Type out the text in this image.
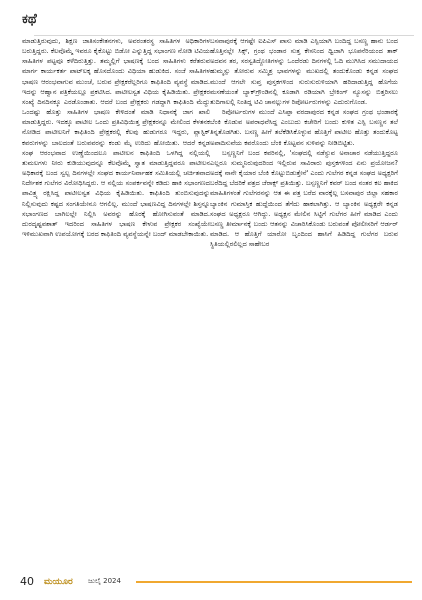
ಕಥೆ

ಮಾಡುತ್ತಿರುವುದು, ಶಿಕ್ಷಣ ಜಾತಿಸಂಕೇತನಗಳು, ಅವರಂತರಸ್ಥ ಸಾಹಿತಿಗಳ ಅಧಿಕಾರಿಗಳ ಬರುತ್ತಿದ್ದರು. ಕೆಲವೊಮ್ಮೆ ಇವರೂ ಕೈಕೊಟ್ಟು ಬಿಡೋ ಎನ್ನುತ್ತಿದ್ದ ಸಭಾಂಗಣ ನೋಡಿ ಟಿವಿಯ ಸಾಹಿತಿಗಳ ಪಟ್ಟವೂ ಕಳೆದಿರುತ್ತಿತ್ತು. ತಮ್ಮಲ್ಲಿಗೆ ಭಾಷಣಕ್ಕೆ ಬಂದ ಸಾಹಿತಿಗಳು ಕರೆತರುವ ಮಾರ್ಗ ಕಾರ್ಯಕರ್ತ ಪಾಟ್‌ಲಕ್ಕ ಹೊಸದೊಂದು ವಿಧಿಯಾ ಹುಡುಕಿದ. ಸಂಜೆ ಸಾಹಿತಿಗಳ ಭಾಷಣ ಆರಂಭವಾಗುವ ಮುಂಚೆ, ಬರುವ ಪ್ರೇಕ್ಷಕರೆಲ್ಲರಿಗೂ ಕಾಫಿತಿಂದಿ ವ್ಯವಸ್ಥೆ ಮಾಡಿದ. ಇದನ್ನು ಆಹ್ವಾನ ಪತ್ರಿಕೆಯಲ್ಲೂ ಪ್ರಕಟಿಸಿದ. ಪಾಟೀಲಸ್ವತ ವಿಧಿಯ ಕೈಹಿಡಿಯಿತು. ಪ್ರೇಕ್ಷಕರ ಸಂಖ್ಯೆ ದಿನದಿನಕ್ಕೂ ಎರಡೊಂಡಾತು. ಆದರೆ ಬಂದ ಪ್ರೇಕ್ಷಕರು ಗಡದ್ದಾಗಿ ಕಾಫಿತಿಂದಿ ಮೆದ್ದು ಒಂದಷ್ಟು ಹೊತ್ತು ಸಾಹಿತಿಗಳ ಭಾಷಣ ಕೇಳಿದಂತೆ ಮಾಡಿ ನಿಧಾನಕ್ಕೆ ಜಾಗ ಖಾಲಿ ಮಾಡುತ್ತಿದ್ದರು. ಇದಕ್ಕೂ ಪಾಟೀಲ ಒಂದು ಪ್ರತಿವಿಧಿಯಿತ್ತ ಪ್ರೇಕ್ಷಕರನ್ನೂ ಮೇಲಿಂದ ಕೆಳತನಕ ನೋಡಿದ ಪಾಟೀಲನಿಗೆ ಕಾಫಿತಿಂದಿ ಪ್ರೇಕ್ಷಕರಲ್ಲಿ ಕೆಲವು ಹುಡುಗರೂ ಇದ್ದರು, ಪ್ಲಾಸ್ಟಿಕ್ ಕವರುಗಳನ್ನು ಬಾಲದಂತೆ ಬರುವವರನ್ನು ಕಂಡು ಮೈ ಉರಿದು ಹೋಯಿತು. ಆದರೆ ಕನ್ನಡ ಸಂಘ ಆರಂಭವಾದ ಉಣ್ಣೆಯಿಂದಲೂ ಪಾಟೀಲನ ಕಾಫಿತಿಂದಿ ಒಳಗಿದ್ದ ನಲ್ಲಿಯಲ್ಲಿ ತುಮಲಗಳು ನೀರು ಕುಡಿಯುವುದನ್ನೂ ಕೆಲವೊಮ್ಮೆ ಸ್ವಾತ ಮಾಡುತ್ತಿದ್ದವರೂ ಪಾಟೀಲನ ಅಧಿಕಾರಕ್ಕೆ ಬಂದ ಸ್ವಲ್ಪ ದಿನಗಳಲ್ಲೇ ಸಂಘದ ಕಾರ್ಯನಿರ್ವಾಹಕ ಸಮಿತಿಯಲ್ಲಿ ಚರ್ಚಿತವಾದ ನಿರ್ದೇಶಕ ಗುಲೆಗರ ವಿರೋಧಿಸಿದ್ದರು. ಆ ನಲ್ಲಿಯ ಸಂಪರ್ಕವನ್ನೇ ಕಡಿದು ಹಾಕಿ ಸಭಾಂಗಣದ ಪಾವಿತ್ರ್ಯ ರಕ್ಷಿಸಿದ್ದ ಪಾಟೀಲಸ್ವತ ವಿಧಿಯ ಕೈಹಿಡಿಯಿತು. ಕಾಫಿತಿಂದಿ ತುಂಬಿಸುವುದನ್ನು ನಿಲ್ಲಿಸುವುದು ಕಷ್ಟದ ಸಂಗತಿಯೇನೂ ಆಗಲಿಲ್ಲ. ಮುಂದೆ ಭಾಷಣವಿದ್ದ ದಿನಗಳಲ್ಲೇ ಶಿಸ್ತನ್ನೂ ಸಭಾಂಗಣದ ಬಾಗಿಲಲ್ಲೇ ನಿಲ್ಲಿಸಿ ಅವರನ್ನು ಹೊರಕ್ಕೆ ಹೋಗಿಸುವಂತೆ ಮಾಡಿದ. ದುರದೃಷ್ಟವಶಾತ್ ಇದರಿಂದ ಸಾಹಿತಿಗಳ ಭಾಷಣ ಕೇಳುವ ಪ್ರೇಕ್ಷಕರ ಸಂಖ್ಯೆಯೇ ಇಳಿಮುಖವಾಗಿ ಉಪಯೋಗಕ್ಕೆ ಬರದ ಕಾಫಿತಿಂದಿ ವ್ಯವಸ್ಥೆಯನ್ನೇ ಬಂದ್ ಮಾಡಬೇಕಾಯಿತು.

ಬಸವಾಪುರಕ್ಕೆ ಆಗಷ್ಟೇ ಐಪಿಎಸ್ ಪಾಸು ಮಾಡಿ ಎಸ್ಪಿಯಾಗಿ ಬಂದಿದ್ದ ಬಸಣ್ಣ ಹಾನು ಬಂದ ಹೊತ್ತಿನಲ್ಲೇ ಸಿಕ್ಸ್, ಗ್ರಂಥ ಭಂಡಾರ ಸುತ್ತ ಕೇಸನಿಂದ ಧ್ವಿಜಾಗಿ ಭೂಪನೆರಿಯಂದ ತಾಕ್ ಅದವನ ತರ, ಸರಸ್ವತಿದ್ದೋತಿಗಳನ್ನು ಒಂದೆರಡು ದಿನಗಳಲ್ಲಿ ಓದಿ ಮುಗಿಸಿದ ಸಮುದಾಯದ ಹುಮ್ಮಸ್ಸು ತೋರುವ ಸಮ್ಮಿಶ್ರ ಭಾವಗಳನ್ನು ಮುಖದಲ್ಲಿ ತಂದುಕೊಂಡು ಕನ್ನಡ ಸಂಘದ ಮುಂದೆ ಆಗಲೇ ಸುಪ್ತ ಪುಸ್ತಕಗಳಿಂದ ಸುರುಸುರುಳಿಯಾಗಿ ಹರಿದಾಡುತ್ತಿದ್ದ ಹೊಗೆಯ ಮಸಣೆಯಂತೆ ಬ್ಯಾಕ್‌ಗ್ರೌಂಡಿನಲ್ಲಿ ಕೂಡಾಗಿ ರಡಿಯಾಗಿ ಬ್ರೇಕಿಂಗ್ ನ್ಯೂಸನ್ನು ಬಿತ್ತರಿಸಲು ತುದಿಗಾಲಲ್ಲಿ ನಿಂತಿದ್ದ ಟಿವಿ ಚಾನಲ್ಲುಗಳ ರಿಪೋರ್ಟರುಗಳನ್ನು ಎದುರುಗೊಂಡ.

ರಿಪೋರ್ಟರುಗಳ ಮುಂದೆ ಎಸಿಪ್ಪಾ ವರದಾಪುರದ ಕನ್ನಡ ಸಂಘದ ಗ್ರಂಥ ಭಂಡಾರಕ್ಕೆ ಬೆಂಕಿ ಕೊಡುವ ಅಪರಾಧವೆಸಿದ್ದ ಎಂಬುದು ಕಚೇರಿಗೆ ಬಂದು ಕುಳಿತ ಎಸ್ಪಿ ಬಸಣ್ಣನ ತಲೆ ತಿನ್ನತೊಡಗಿತು. ಬಸಣ್ಣ ಹೀಗೆ ತಲೆಕೆಡಿಸಿಕೊಳ್ಳುವ ಹೊತ್ತಿಗೆ ಪಾಟೀಲ ಹೊತ್ತು ತಂದುಕೊಟ್ಟ ಅಪಾದಿಸುವೆಯ ಕವರೊಂದು ಬೆಂಕಿ ಕೊಟ್ಟವನ ಸುಳಿವನ್ನು ನೀಡಿಬಿಟ್ಟಿತು.

ಬಸ್ಸಣ್ಣನಿಗೆ ಬಂದ ಕವರಿನಲ್ಲಿ, 'ಸಂಘದಲ್ಲಿ ನಡೆಸ್ದುವ ಅನಾಚಾರ ನಡೆಯುತ್ತಿದ್ದರೂ ಎಲ್ಲರೂ ಸುಮ್ಮನಿರುವುದರಿಂದ ಇಲ್ಲಿರುವ ಸಾವಿರಾರು ಪುಸ್ತಕಗಳಿಂದ ಏನು ಪ್ರಯೋಜನ? ಅದಕ್ಕೆ ನಾನೇ ಕೈಯಾರ ಬೆಂಕಿ ಕೊಟ್ಟುಬಿಡುತ್ತೇನೆ' ಎಂದು ಗುಲೆಗರ ಕನ್ನಡ ಸಂಘದ ಅಧ್ಯಕ್ಷರಿಗೆ ಬರೆದಿದ್ದ ಬೆದರಿಕೆ ಪತ್ರದ ಜೆರಾಕ್ಸ್ ಪ್ರತಿಯಿತ್ತು. ಬಸ್ಸಣ್ಣನಿಗೆ ಕವರ್ ಬಂದ ನಂತರ ಕಲ ಹಾಕಿದ ಮಾಹಿತಿಗಳಂತೆ ಗುಲೆಗರನನ್ನು ಆತ ಈ ಪತ್ರ ಬರೆದ ವಾರಕ್ಕೆಲ್ಲ ಬಸವಾಪುರ ಜಿಲ್ಲಾ ಸಹಕಾರ ಬ್ಯಾಂಕಿನ ಗುಮಾಸ್ತಿಕ ಹುದ್ದೆಯಿಂದ ತೆಗೆದು ಹಾಕಲಾಗಿತ್ತು. ಆ ಬ್ಯಾಂಕಿನ ಅಧ್ಯಕ್ಷರೇ ಕನ್ನಡ ಸಂಘದ ಅಧ್ಯಕ್ಷರೂ ಆಗಿದ್ದು. ಅಧ್ಯಕ್ಷನ ಮೇಲಿನ ಸಿಟ್ಟಿಗೆ ಗುಲೆಗರ ಹೀಗೆ ಮಾಡಿದ ಎಂದು ಬಸಣ್ಣ ತೀರ್ಮಾನಕ್ಕೆ ಬಂದು ಆತನನ್ನು ವಿಚಾರಿಸಿಕೊಂಡು ಬರುವಂತೆ ಪೋಲೀಸರಿಗೆ ಆರ್ಡರ್ ಮಾಡಿದ. ಆ ಹೊತ್ತಿಗೆ ಯಾರೋ ಬೃಂದಿಂದ ಹಾಸಿಗೆ ಹಿಡಿದಿದ್ದ ಗುಲೆಗರ ಬರುವ ಸ್ಥಿತಿಯಲ್ಲಿರಲಿಲ್ಲದ ಸಾಹೇಬರ

40 ಮಯೂರ ಜುಲೈ 2024
